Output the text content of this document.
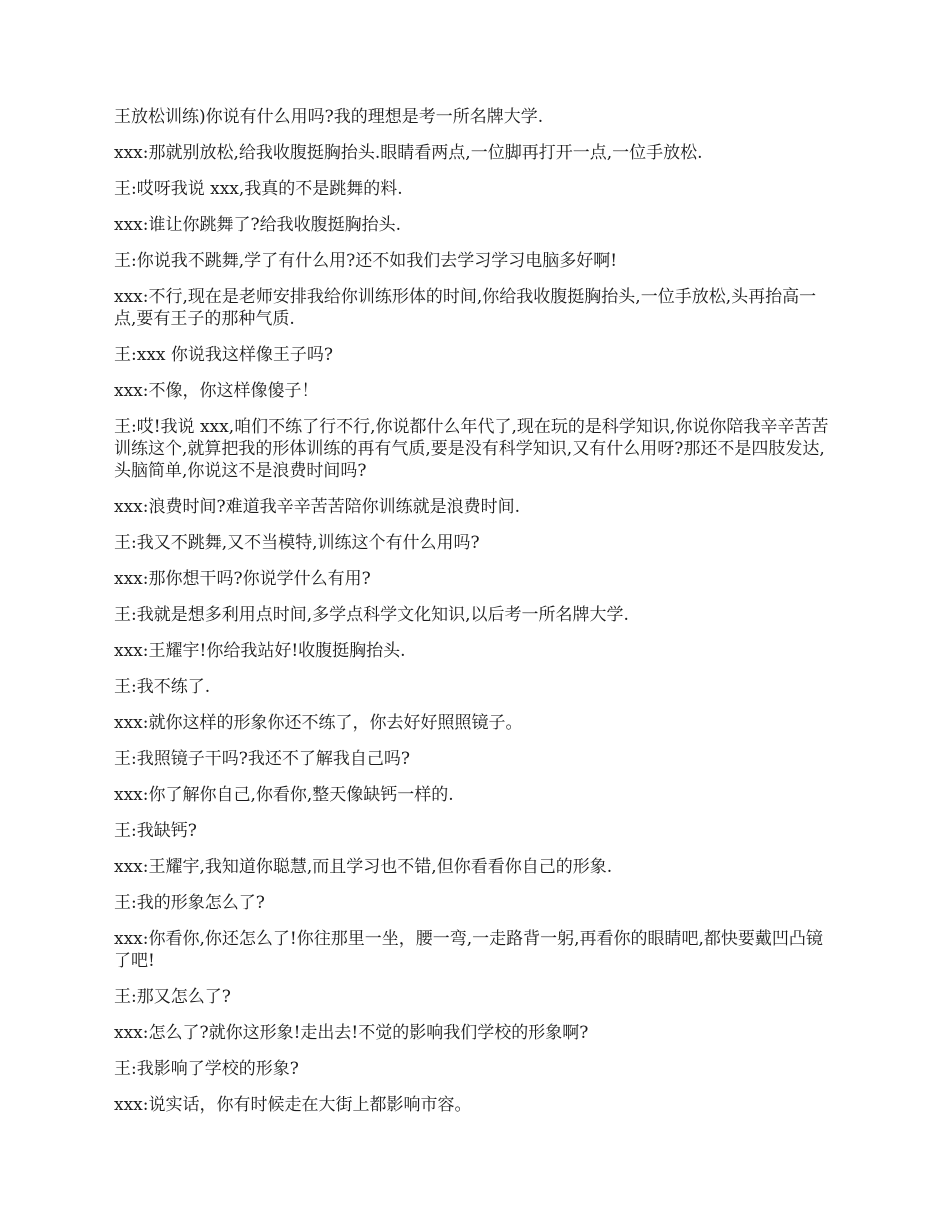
王放松训练)你说有什么用吗?我的理想是考一所名牌大学.

xxx:那就别放松,给我收腹挺胸抬头.眼睛看两点,一位脚再打开一点,一位手放松.

王:哎呀我说 xxx,我真的不是跳舞的料.

xxx:谁让你跳舞了?给我收腹挺胸抬头.

王:你说我不跳舞,学了有什么用?还不如我们去学习学习电脑多好啊!

xxx:不行,现在是老师安排我给你训练形体的时间,你给我收腹挺胸抬头,一位手放松,头再抬高一点,要有王子的那种气质.

王:xxx 你说我这样像王子吗?

xxx:不像，你这样像傻子！

王:哎!我说 xxx,咱们不练了行不行,你说都什么年代了,现在玩的是科学知识,你说你陪我辛辛苦苦训练这个,就算把我的形体训练的再有气质,要是没有科学知识,又有什么用呀?那还不是四肢发达,头脑简单,你说这不是浪费时间吗?

xxx:浪费时间?难道我辛辛苦苦陪你训练就是浪费时间.

王:我又不跳舞,又不当模特,训练这个有什么用吗?

xxx:那你想干吗?你说学什么有用?

王:我就是想多利用点时间,多学点科学文化知识,以后考一所名牌大学.

xxx:王耀宇!你给我站好!收腹挺胸抬头.

王:我不练了.

xxx:就你这样的形象你还不练了，你去好好照照镜子。

王:我照镜子干吗?我还不了解我自己吗?

xxx:你了解你自己,你看你,整天像缺钙一样的.

王:我缺钙?

xxx:王耀宇,我知道你聪慧,而且学习也不错,但你看看你自己的形象.

王:我的形象怎么了?

xxx:你看你,你还怎么了!你往那里一坐，腰一弯,一走路背一躬,再看你的眼睛吧,都快要戴凹凸镜了吧!

王:那又怎么了?

xxx:怎么了?就你这形象!走出去!不觉的影响我们学校的形象啊?

王:我影响了学校的形象?

xxx:说实话，你有时候走在大街上都影响市容。
